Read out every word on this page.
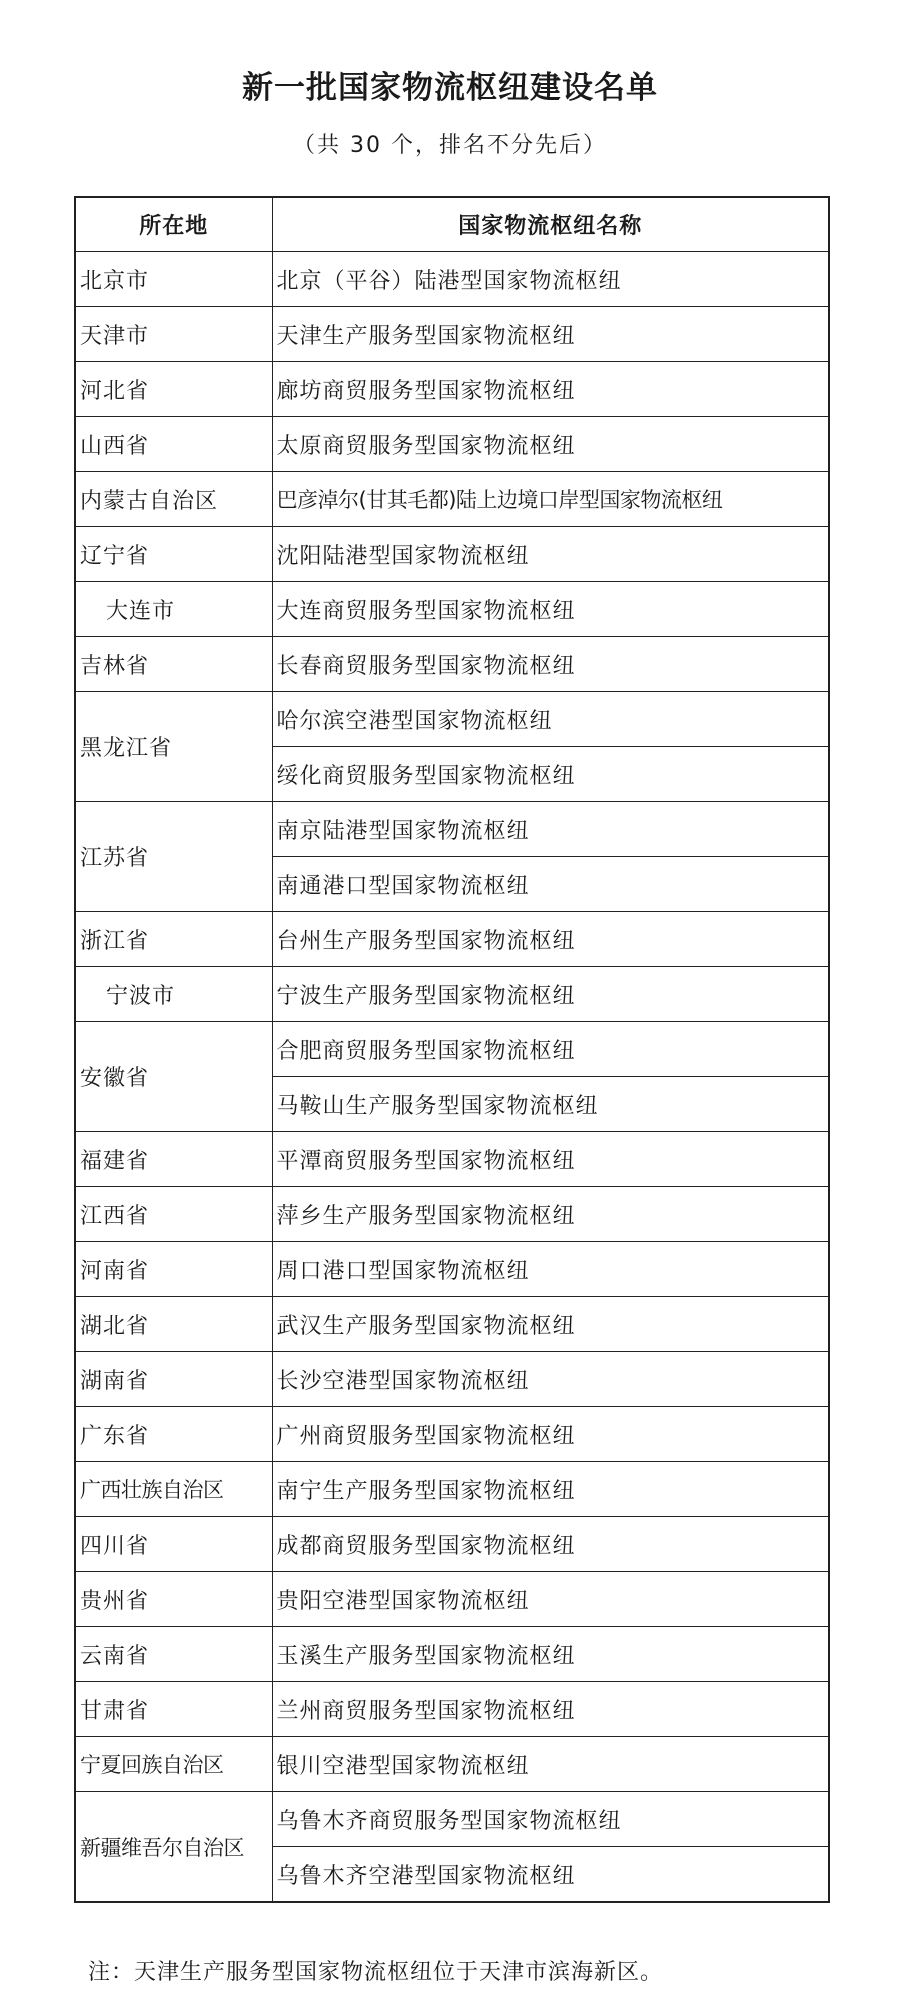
新一批国家物流枢纽建设名单
（共 30 个，排名不分先后）
所在地	国家物流枢纽名称
北京市	北京（平谷）陆港型国家物流枢纽
天津市	天津生产服务型国家物流枢纽
河北省	廊坊商贸服务型国家物流枢纽
山西省	太原商贸服务型国家物流枢纽
内蒙古自治区	巴彦淖尔(甘其毛都)陆上边境口岸型国家物流枢纽
辽宁省	沈阳陆港型国家物流枢纽
大连市	大连商贸服务型国家物流枢纽
吉林省	长春商贸服务型国家物流枢纽
黑龙江省	哈尔滨空港型国家物流枢纽
	绥化商贸服务型国家物流枢纽
江苏省	南京陆港型国家物流枢纽
	南通港口型国家物流枢纽
浙江省	台州生产服务型国家物流枢纽
宁波市	宁波生产服务型国家物流枢纽
安徽省	合肥商贸服务型国家物流枢纽
	马鞍山生产服务型国家物流枢纽
福建省	平潭商贸服务型国家物流枢纽
江西省	萍乡生产服务型国家物流枢纽
河南省	周口港口型国家物流枢纽
湖北省	武汉生产服务型国家物流枢纽
湖南省	长沙空港型国家物流枢纽
广东省	广州商贸服务型国家物流枢纽
广西壮族自治区	南宁生产服务型国家物流枢纽
四川省	成都商贸服务型国家物流枢纽
贵州省	贵阳空港型国家物流枢纽
云南省	玉溪生产服务型国家物流枢纽
甘肃省	兰州商贸服务型国家物流枢纽
宁夏回族自治区	银川空港型国家物流枢纽
新疆维吾尔自治区	乌鲁木齐商贸服务型国家物流枢纽
	乌鲁木齐空港型国家物流枢纽
注：天津生产服务型国家物流枢纽位于天津市滨海新区。
